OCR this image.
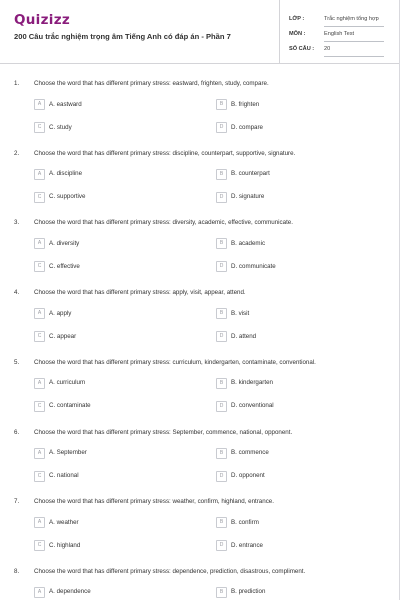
Quizizz
200 Câu trắc nghiệm trọng âm Tiếng Anh có đáp án - Phần 7
LỚP :	Trắc nghiệm tổng hợp
MÔN :	English Test
SỐ CÂU : 20
1. Choose the word that has different primary stress: eastward, frighten, study, compare.
A	A. eastward	B	B. frighten
C	C. study	D	D. compare
2. Choose the word that has different primary stress: discipline, counterpart, supportive, signature.
A	A. discipline	B	B. counterpart
C	C. supportive	D	D. signature
3. Choose the word that has different primary stress: diversity, academic, effective, communicate.
A	A. diversity	B	B. academic
C	C. effective	D	D. communicate
4. Choose the word that has different primary stress: apply, visit, appear, attend.
A	A. apply	B	B. visit
C	C. appear	D	D. attend
5. Choose the word that has different primary stress: curriculum, kindergarten, contaminate, conventional.
A	A. curriculum	B	B. kindergarten
C	C. contaminate	D	D. conventional
6. Choose the word that has different primary stress: September, commence, national, opponent.
A	A. September	B	B. commence
C	C. national	D	D. opponent
7. Choose the word that has different primary stress: weather, confirm, highland, entrance.
A	A. weather	B	B. confirm
C	C. highland	D	D. entrance
8. Choose the word that has different primary stress: dependence, prediction, disastrous, compliment.
A	A. dependence	B	B. prediction
